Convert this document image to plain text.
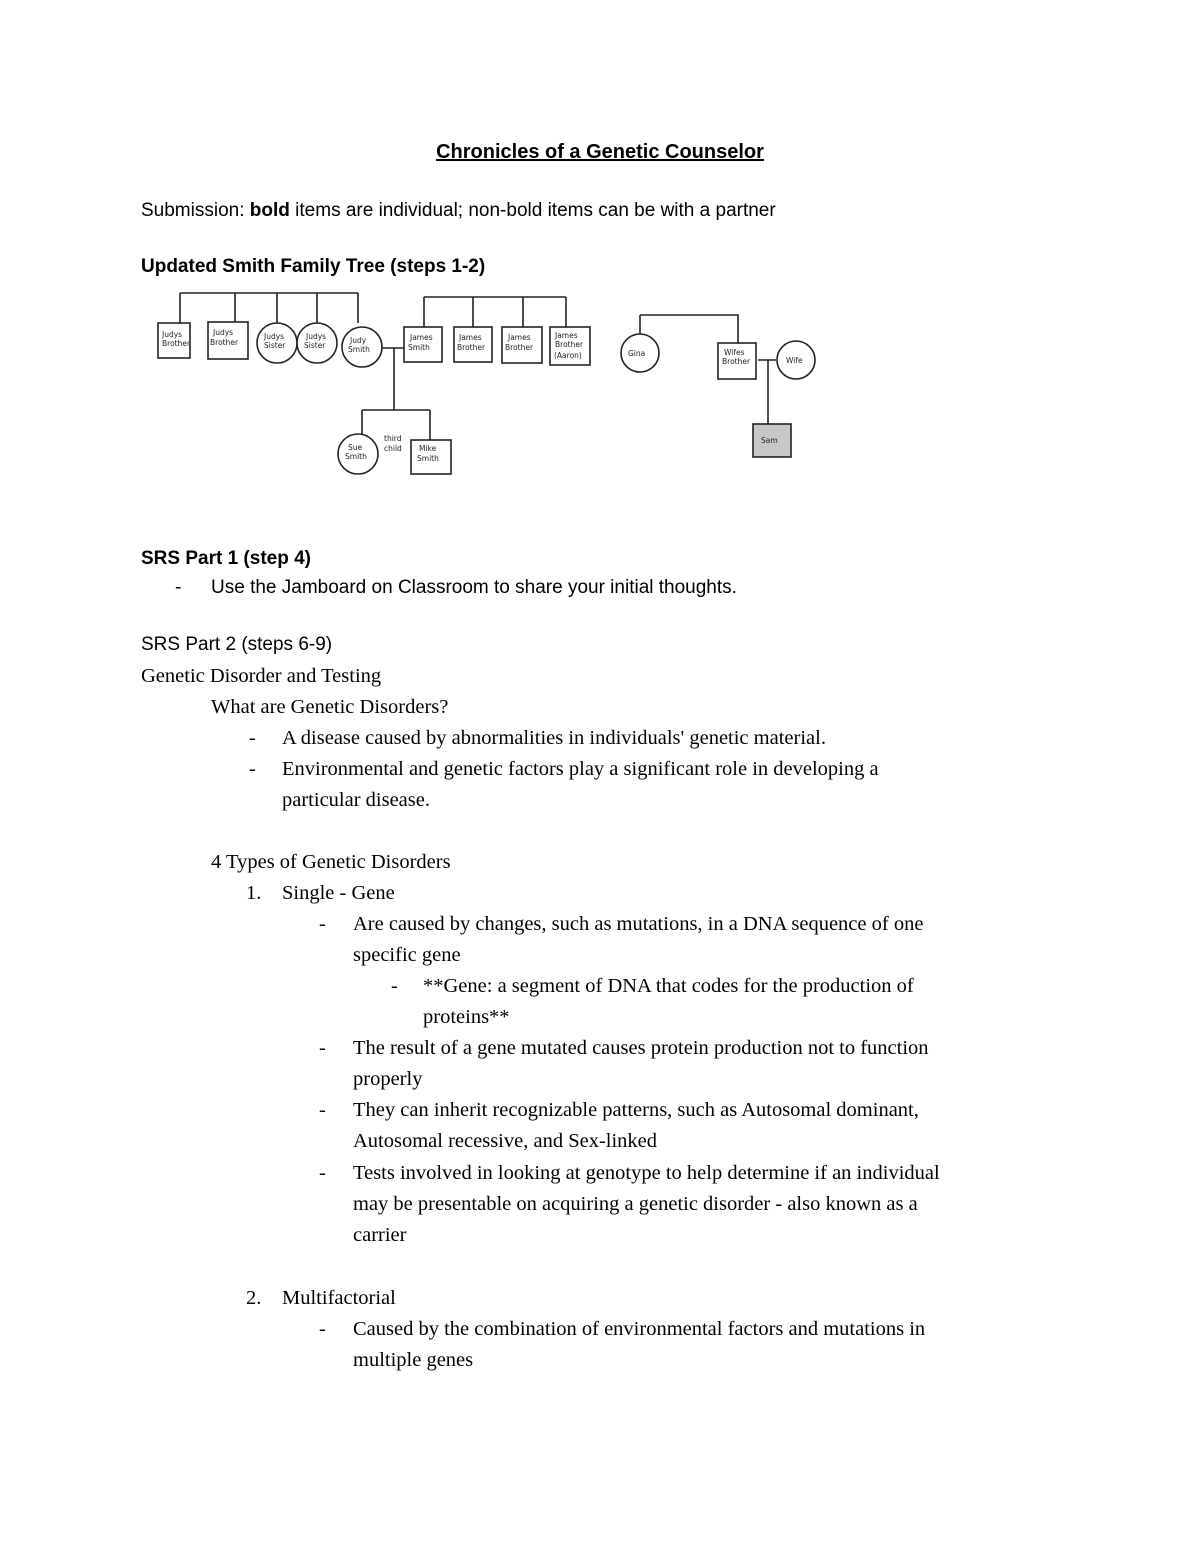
Chronicles of a Genetic Counselor
Submission: bold items are individual; non-bold items can be with a partner
Updated Smith Family Tree (steps 1-2)
Judys
Brother
Judys
Brother
Judys
Sister
Judys
Sister
Judy
Smith
James
Smith
James
Brother
James
Brother
James
Brother
(Aaron)	Gina	Wifes
Brother	Wife
Sam
Sue
Smith
third
child Mike
Smith
SRS Part 1 (step 4)
- Use the Jamboard on Classroom to share your initial thoughts.
SRS Part 2 (steps 6-9)
Genetic Disorder and Testing
What are Genetic Disorders?
- A disease caused by abnormalities in individuals' genetic material.
- Environmental and genetic factors play a significant role in developing a
particular disease.
4 Types of Genetic Disorders
1. Single - Gene
- Are caused by changes, such as mutations, in a DNA sequence of one
specific gene
- **Gene: a segment of DNA that codes for the production of
proteins**
- The result of a gene mutated causes protein production not to function
properly
- They can inherit recognizable patterns, such as Autosomal dominant,
Autosomal recessive, and Sex-linked
- Tests involved in looking at genotype to help determine if an individual
may be presentable on acquiring a genetic disorder - also known as a
carrier
2. Multifactorial
- Caused by the combination of environmental factors and mutations in
multiple genes
